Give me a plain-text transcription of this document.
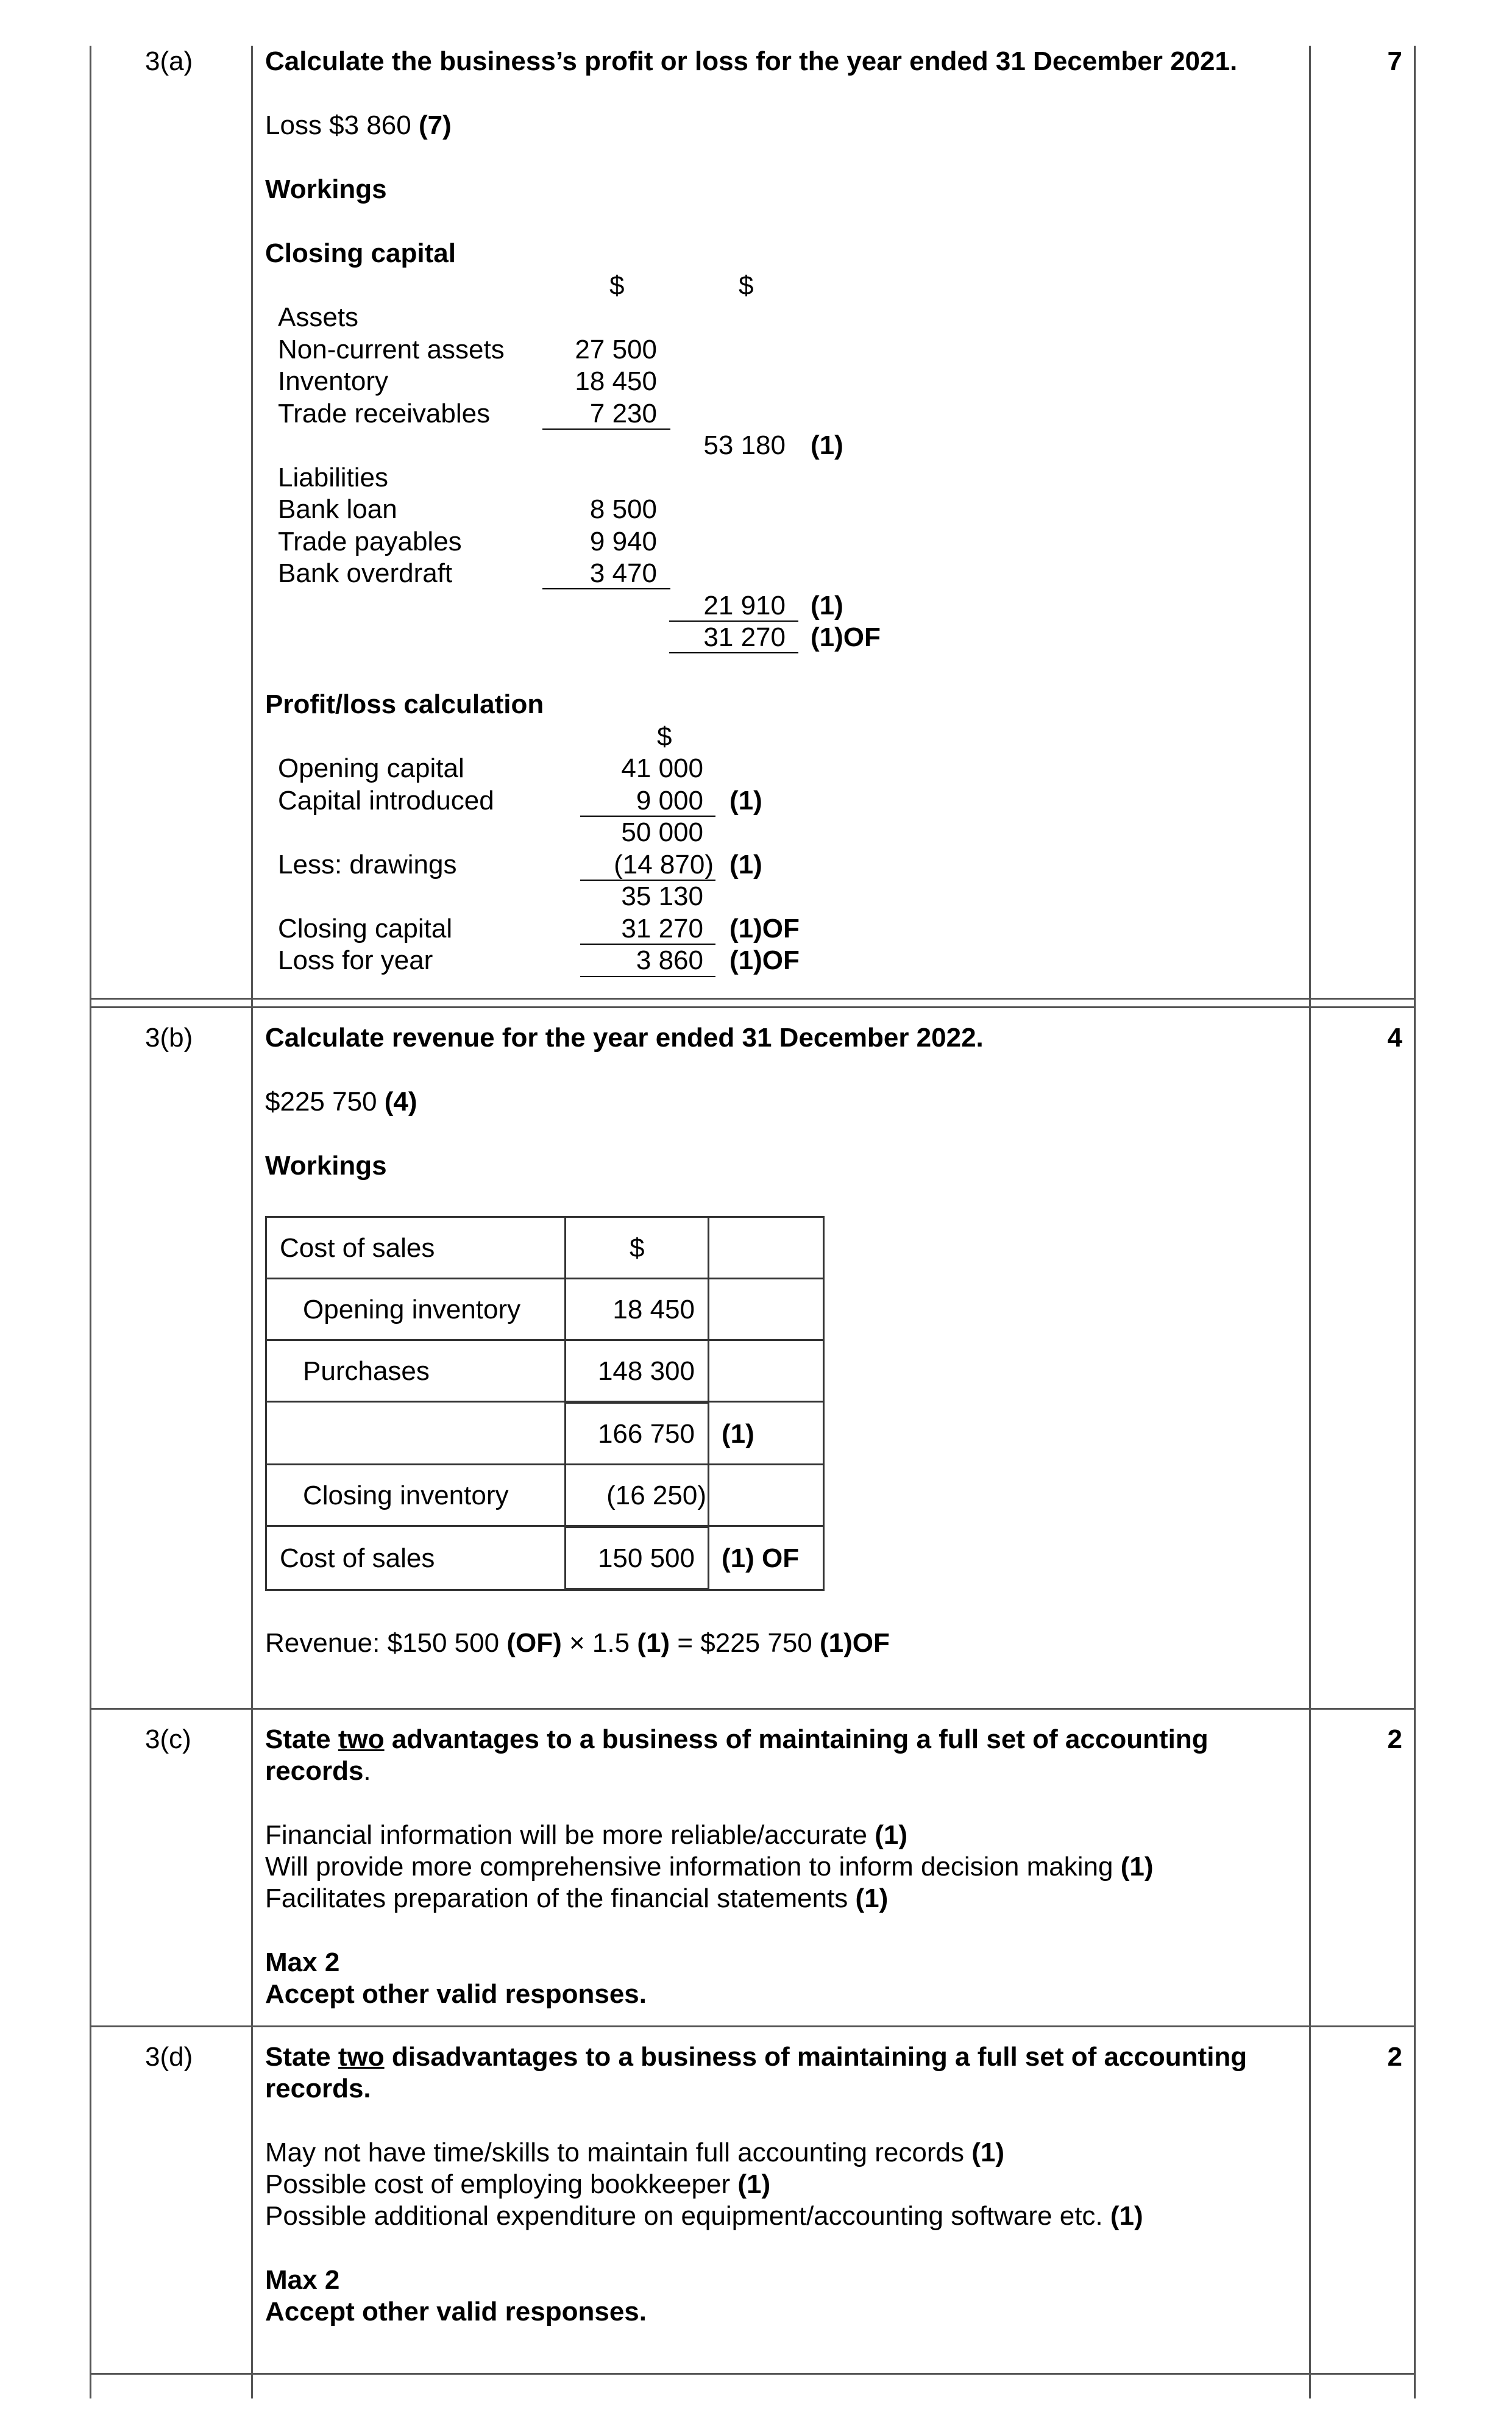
3(a)	Calculate the business’s profit or loss for the year ended 31 December 2021.	7
Loss $3 860 (7)
Workings
Closing capital
$	$
Assets
Non-current assets	27 500
Inventory	18 450
Trade receivables	7 230
53 180 (1)
Liabilities
Bank loan	8 500
Trade payables	9 940
Bank overdraft	3 470
21 910 (1)
31 270 (1)OF
Profit/loss calculation
$
Opening capital	41 000
Capital introduced	9 000 (1)
50 000
Less: drawings	(14 870) (1)
35 130
Closing capital	31 270 (1)OF
Loss for year	3 860 (1)OF
3(b)	Calculate revenue for the year ended 31 December 2022.	4
$225 750 (4)
Workings
Cost of sales	$
Opening inventory	18 450
Purchases	148 300
166 750 (1)
Closing inventory	(16 250)
Cost of sales	150 500 (1) OF
Revenue: $150 500 (OF) × 1.5 (1) = $225 750 (1)OF
3(c)	State two advantages to a business of maintaining a full set of accounting
records.
2
Financial information will be more reliable/accurate (1)
Will provide more comprehensive information to inform decision making (1)
Facilitates preparation of the financial statements (1)
Max 2
Accept other valid responses.
3(d)	State two disadvantages to a business of maintaining a full set of accounting
records.
2
May not have time/skills to maintain full accounting records (1)
Possible cost of employing bookkeeper (1)
Possible additional expenditure on equipment/accounting software etc. (1)
Max 2
Accept other valid responses.
